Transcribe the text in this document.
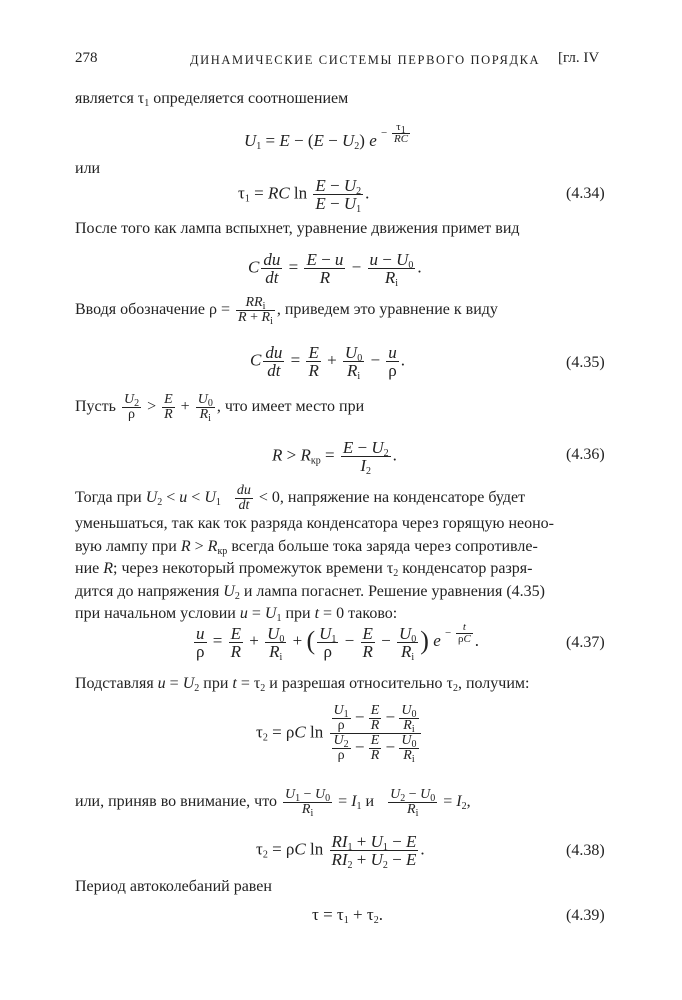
278	ДИНАМИЧЕСКИЕ СИСТЕМЫ ПЕРВОГО ПОРЯДКА [гл. IV
является $\tau_1$ определяется соотношением
$U_1 = E - (E - U_2) e - \frac{\tau_1}{RC}$
или
$\tau_1$ = RC $\ln \frac{E - U_2}{E - U_1}$ .	(4.34)
После того как лампа вспыхнет, уравнение движения примет вид
C $\frac{du}{dt} = \frac{E - u}{R} - \frac{u - U_0}{R_i}$ .
Вводя обозначение $\rho = RR_i$
$R + R_i$
, приведем это уравнение к виду
C $\frac{du}{dt} = \frac{E}{R} + \frac{U_0}{R_i} - \frac{u}{\rho}$ .	(4.35)
Пусть $\frac{U_2}{\rho} > \frac{E}{R} + \frac{U_0}{R_i}$ , что имеет место при
$R > R_{кр} = \frac{E - U_2}{I_2}$ .	(4.36)
Тогда при $U_2 < u < U_1 \frac{du}{dt} < 0$, напряжение на конденсаторе будет
уменьшаться, так как ток разряда конденсатора через горящую неоно-
вую лампу при $R > R_{кр}$ всегда больше тока заряда через сопротивле-
ние R; через некоторый промежуток времени $\tau_2$ конденсатор разря-
дится до напряжения $U_2$ и лампа погаснет. Решение уравнения (4.35)
при начальном условии $u = U_1$ при t = 0 таково:
$\frac{u}{\rho} = \frac{E}{R} + \frac{U_0}{R_i}$ + ( $\frac{U_1}{\rho} - \frac{E}{R} - \frac{U_0}{R_i}$ ) $e - \frac{t}{\rho C}$ .	(4.37)
Подставляя $u = U_2$ при $t = \tau_2$ и разрешая относительно $\tau_2$, получим:
$\tau_2 = \rho C$ $\ln \frac{\frac{U_1}{\rho} - \frac{E}{R} - \frac{U_0}{R_i}}{\frac{U_2}{\rho} - \frac{E}{R} - \frac{U_0}{R_i}}$
или, приняв во внимание, что $\frac{U_1 - U_0}{R_i} = I_1$ и $\frac{U_2 - U_0}{R_i} = I_2$,
$\tau_2 = \rho C$ $\ln \frac{RI_1 + U_1 - E}{RI_2 + U_2 - E}$ .	(4.38)
Период автоколебаний равен
$\tau = \tau_1 + \tau_2$.	(4.39)
